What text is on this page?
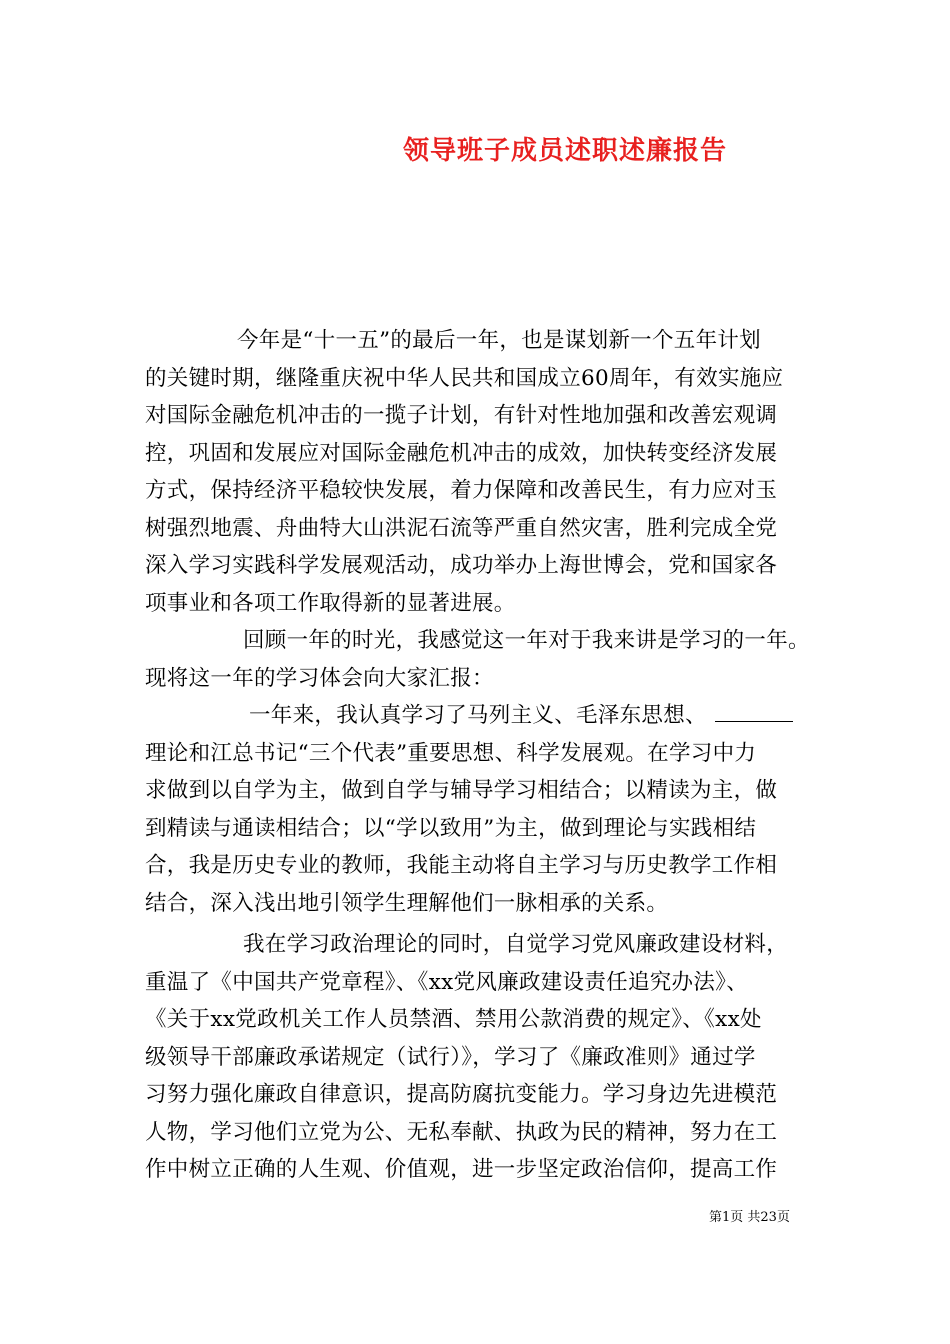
领导班子成员述职述廉报告
今年是“十一五”的最后一年，也是谋划新一个五年计划
的关键时期，继隆重庆祝中华人民共和国成立60周年，有效实施应
对国际金融危机冲击的一揽子计划，有针对性地加强和改善宏观调
控，巩固和发展应对国际金融危机冲击的成效，加快转变经济发展
方式，保持经济平稳较快发展，着力保障和改善民生，有力应对玉
树强烈地震、舟曲特大山洪泥石流等严重自然灾害，胜利完成全党
深入学习实践科学发展观活动，成功举办上海世博会，党和国家各
项事业和各项工作取得新的显著进展。
回顾一年的时光，我感觉这一年对于我来讲是学习的一年。
现将这一年的学习体会向大家汇报：
一年来，我认真学习了马列主义、毛泽东思想、
理论和江总书记“三个代表”重要思想、科学发展观。在学习中力
求做到以自学为主，做到自学与辅导学习相结合；以精读为主，做
到精读与通读相结合；以“学以致用”为主，做到理论与实践相结
合，我是历史专业的教师，我能主动将自主学习与历史教学工作相
结合，深入浅出地引领学生理解他们一脉相承的关系。
我在学习政治理论的同时，自觉学习党风廉政建设材料，
重温了《中国共产党章程》、《xx党风廉政建设责任追究办法》、
《关于xx党政机关工作人员禁酒、禁用公款消费的规定》、《xx处
级领导干部廉政承诺规定（试行）》，学习了《廉政准则》通过学
习努力强化廉政自律意识，提高防腐抗变能力。学习身边先进模范
人物，学习他们立党为公、无私奉献、执政为民的精神，努力在工
作中树立正确的人生观、价值观，进一步坚定政治信仰，提高工作
第1页 共23页
